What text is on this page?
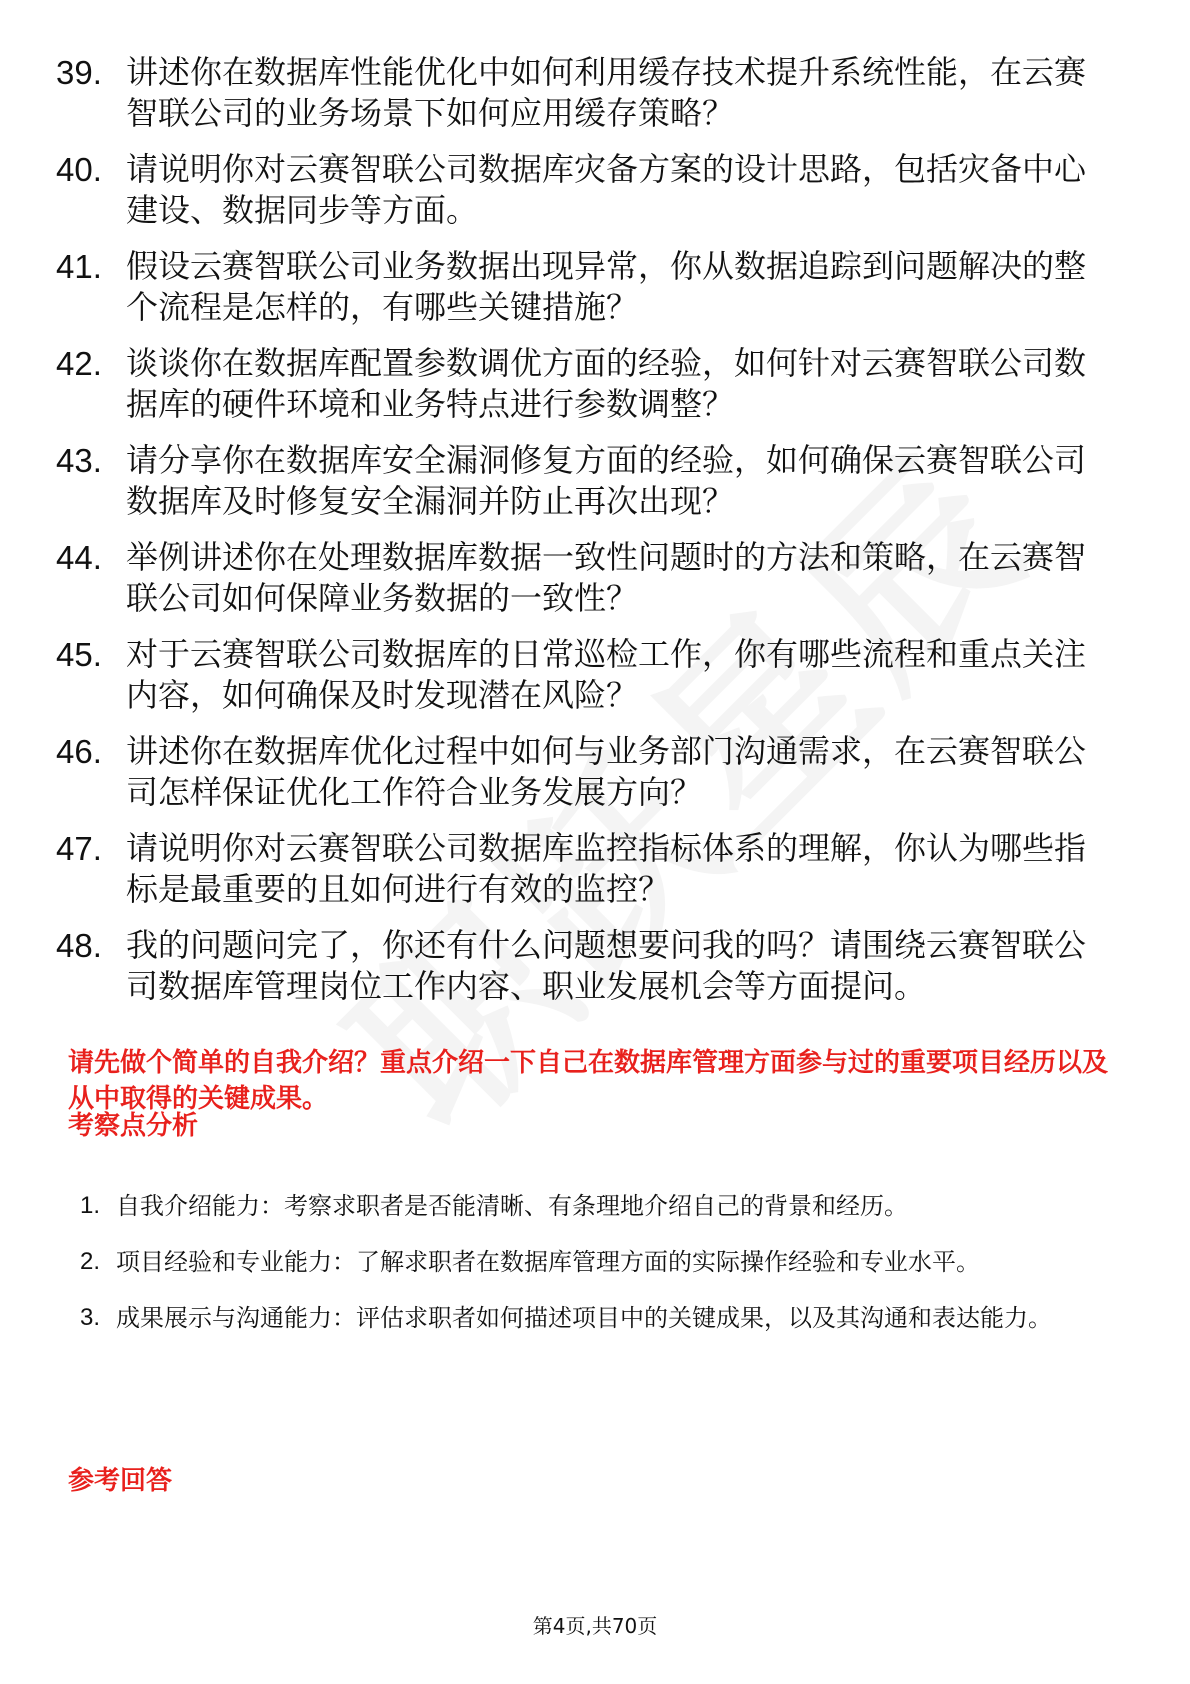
39. 讲述你在数据库性能优化中如何利用缓存技术提升系统性能，在云赛智联公司的业务场景下如何应用缓存策略？
40. 请说明你对云赛智联公司数据库灾备方案的设计思路，包括灾备中心建设、数据同步等方面。
41. 假设云赛智联公司业务数据出现异常，你从数据追踪到问题解决的整个流程是怎样的，有哪些关键措施？
42. 谈谈你在数据库配置参数调优方面的经验，如何针对云赛智联公司数据库的硬件环境和业务特点进行参数调整？
43. 请分享你在数据库安全漏洞修复方面的经验，如何确保云赛智联公司数据库及时修复安全漏洞并防止再次出现？
44. 举例讲述你在处理数据库数据一致性问题时的方法和策略，在云赛智联公司如何保障业务数据的一致性？
45. 对于云赛智联公司数据库的日常巡检工作，你有哪些流程和重点关注内容，如何确保及时发现潜在风险？
46. 讲述你在数据库优化过程中如何与业务部门沟通需求，在云赛智联公司怎样保证优化工作符合业务发展方向？
47. 请说明你对云赛智联公司数据库监控指标体系的理解，你认为哪些指标是最重要的且如何进行有效的监控？
48. 我的问题问完了，你还有什么问题想要问我的吗？请围绕云赛智联公司数据库管理岗位工作内容、职业发展机会等方面提问。
请先做个简单的自我介绍？重点介绍一下自己在数据库管理方面参与过的重要项目经历以及从中取得的关键成果。
考察点分析
1. 自我介绍能力：考察求职者是否能清晰、有条理地介绍自己的背景和经历。
2. 项目经验和专业能力：了解求职者在数据库管理方面的实际操作经验和专业水平。
3. 成果展示与沟通能力：评估求职者如何描述项目中的关键成果，以及其沟通和表达能力。
参考回答
第4页,共70页
